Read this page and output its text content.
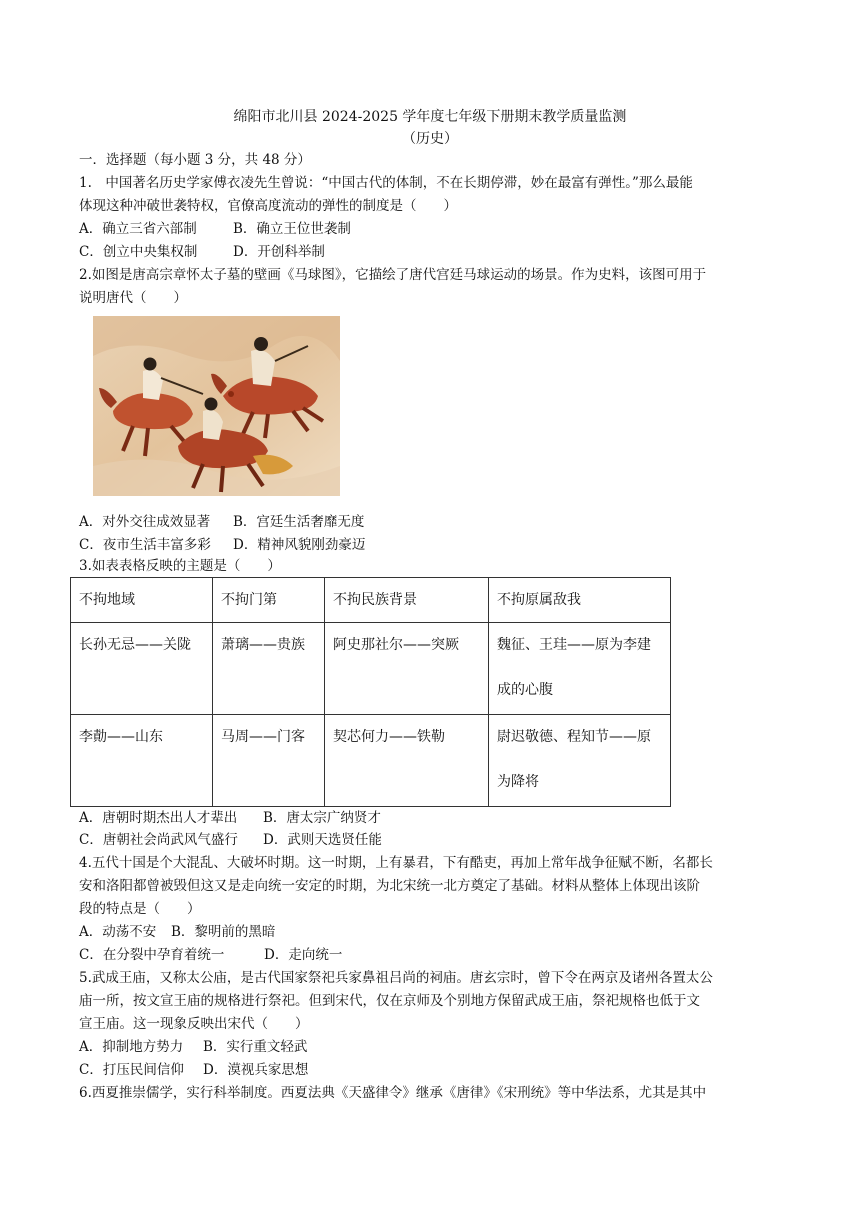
绵阳市北川县 2024-2025 学年度七年级下册期末教学质量监测
（历史）
一．选择题（每小题 3 分，共 48 分）
1.　中国著名历史学家傅衣凌先生曾说：“中国古代的体制，不在长期停滞，妙在最富有弹性。”那么最能
体现这种冲破世袭特权，官僚高度流动的弹性的制度是（　　）
A．确立三省六部制	B．确立王位世袭制
C．创立中央集权制	D．开创科举制
2.如图是唐高宗章怀太子墓的壁画《马球图》，它描绘了唐代宫廷马球运动的场景。作为史料，该图可用于
说明唐代（　　）
A．对外交往成效显著 B．宫廷生活奢靡无度
C．夜市生活丰富多彩 D．精神风貌刚劲豪迈
3.如表表格反映的主题是（　　）
不拘地域	不拘门第	不拘民族背景	不拘原属敌我
长孙无忌——关陇	萧璃——贵族	阿史那社尔——突厥	魏征、王珪——原为李建成的心腹
李勣——山东	马周——门客	契芯何力——铁勒	尉迟敬德、程知节——原为降将
A．唐朝时期杰出人才辈出 B．唐太宗广纳贤才
C．唐朝社会尚武风气盛行 D．武则天选贤任能
4.五代十国是个大混乱、大破坏时期。这一时期，上有暴君，下有酷吏，再加上常年战争征赋不断，名都长
安和洛阳都曾被毁但这又是走向统一安定的时期，为北宋统一北方奠定了基础。材料从整体上体现出该阶
段的特点是（　　）
A．动荡不安 B．黎明前的黑暗
C．在分裂中孕育着统一	D．走向统一
5.武成王庙，又称太公庙，是古代国家祭祀兵家鼻祖吕尚的祠庙。唐玄宗时，曾下令在两京及诸州各置太公
庙一所，按文宣王庙的规格进行祭祀。但到宋代，仅在京师及个别地方保留武成王庙，祭祀规格也低于文
宣王庙。这一现象反映出宋代（　　）
A．抑制地方势力 B．实行重文轻武
C．打压民间信仰 D．漠视兵家思想
6.西夏推崇儒学，实行科举制度。西夏法典《天盛律令》继承《唐律》《宋刑统》等中华法系，尤其是其中
